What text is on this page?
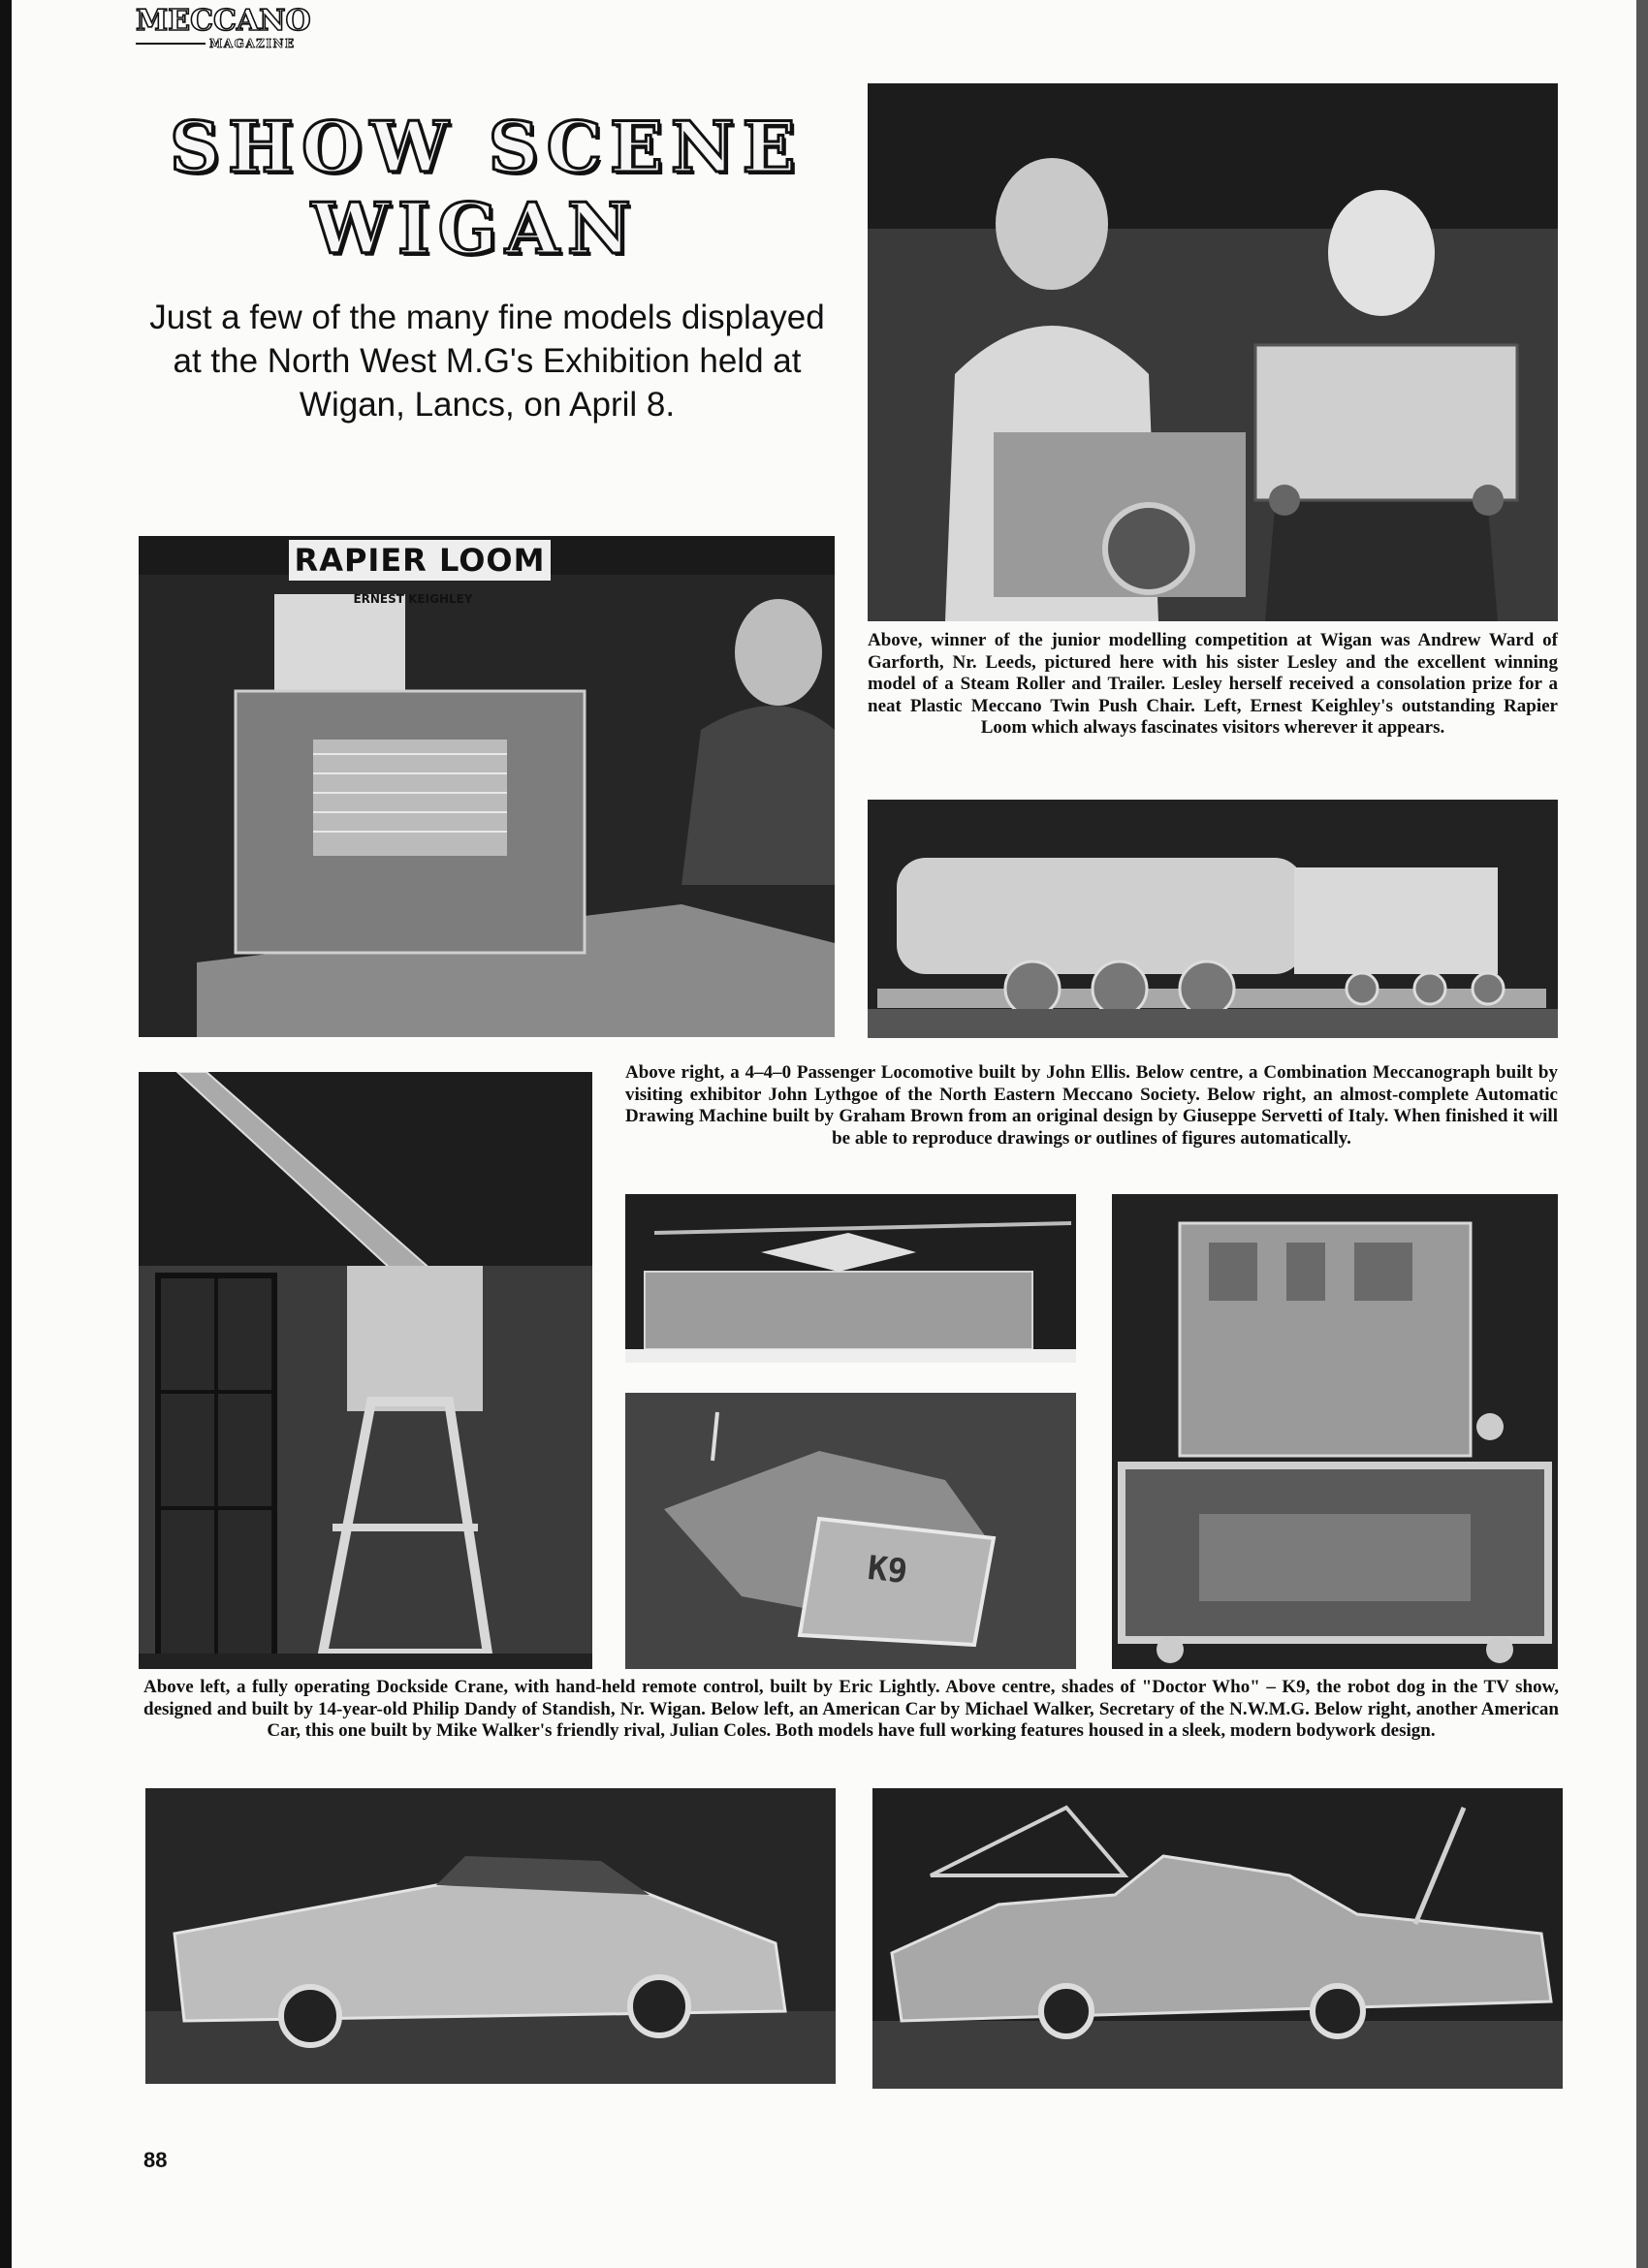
MECCANO
MAGAZINE
SHOW SCENE
WIGAN
Just a few of the many fine models displayed at the North West M.G's Exhibition held at Wigan, Lancs, on April 8.

Above, winner of the junior modelling competition at Wigan was Andrew Ward of Garforth, Nr. Leeds, pictured here with his sister Lesley and the excellent winning model of a Steam Roller and Trailer. Lesley herself received a consolation prize for a neat Plastic Meccano Twin Push Chair. Left, Ernest Keighley's outstanding Rapier Loom which always fascinates visitors wherever it appears.

RAPIER LOOM
ERNEST KEIGHLEY

Above right, a 4–4–0 Passenger Locomotive built by John Ellis. Below centre, a Combination Meccanograph built by visiting exhibitor John Lythgoe of the North Eastern Meccano Society. Below right, an almost-complete Automatic Drawing Machine built by Graham Brown from an original design by Giuseppe Servetti of Italy. When finished it will be able to reproduce drawings or outlines of figures automatically.

K9

Above left, a fully operating Dockside Crane, with hand-held remote control, built by Eric Lightly. Above centre, shades of "Doctor Who" – K9, the robot dog in the TV show, designed and built by 14-year-old Philip Dandy of Standish, Nr. Wigan. Below left, an American Car by Michael Walker, Secretary of the N.W.M.G. Below right, another American Car, this one built by Mike Walker's friendly rival, Julian Coles. Both models have full working features housed in a sleek, modern bodywork design.

88
